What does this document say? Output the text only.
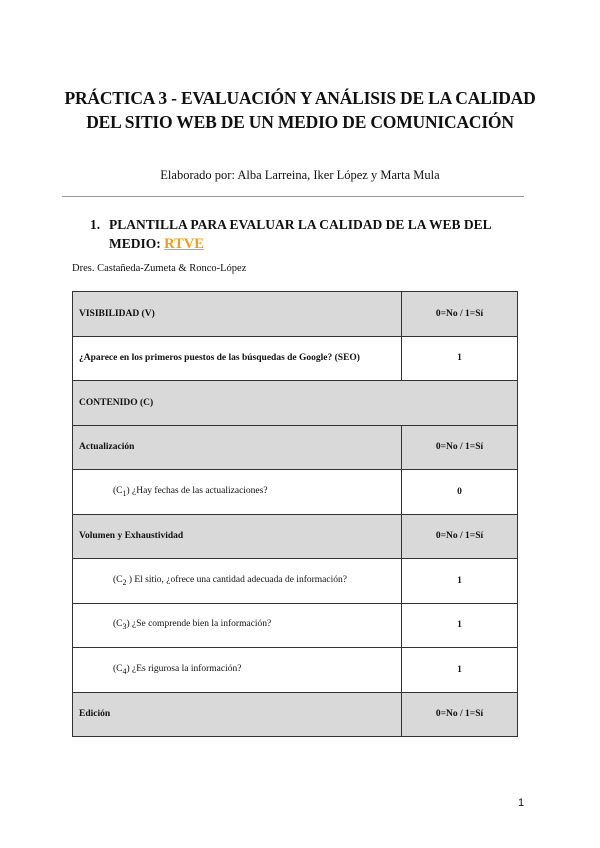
PRÁCTICA 3 - EVALUACIÓN Y ANÁLISIS DE LA CALIDAD DEL SITIO WEB DE UN MEDIO DE COMUNICACIÓN
Elaborado por: Alba Larreina, Iker López y Marta Mula
1. PLANTILLA PARA EVALUAR LA CALIDAD DE LA WEB DEL MEDIO: RTVE
Dres. Castañeda-Zumeta & Ronco-López
VISIBILIDAD (V)	0=No / 1=Sí
¿Aparece en los primeros puestos de las búsquedas de Google? (SEO)	1
CONTENIDO (C)	
Actualización	0=No / 1=Sí
$(C_1)$ ¿Hay fechas de las actualizaciones?	0
Volumen y Exhaustividad	0=No / 1=Sí
($C_2$ ) El sitio, ¿ofrece una cantidad adecuada de información?	1
$(C_3)$ ¿Se comprende bien la información?	1
$(C_4)$ ¿Es rigurosa la información?	1
Edición	0=No / 1=Sí
1
